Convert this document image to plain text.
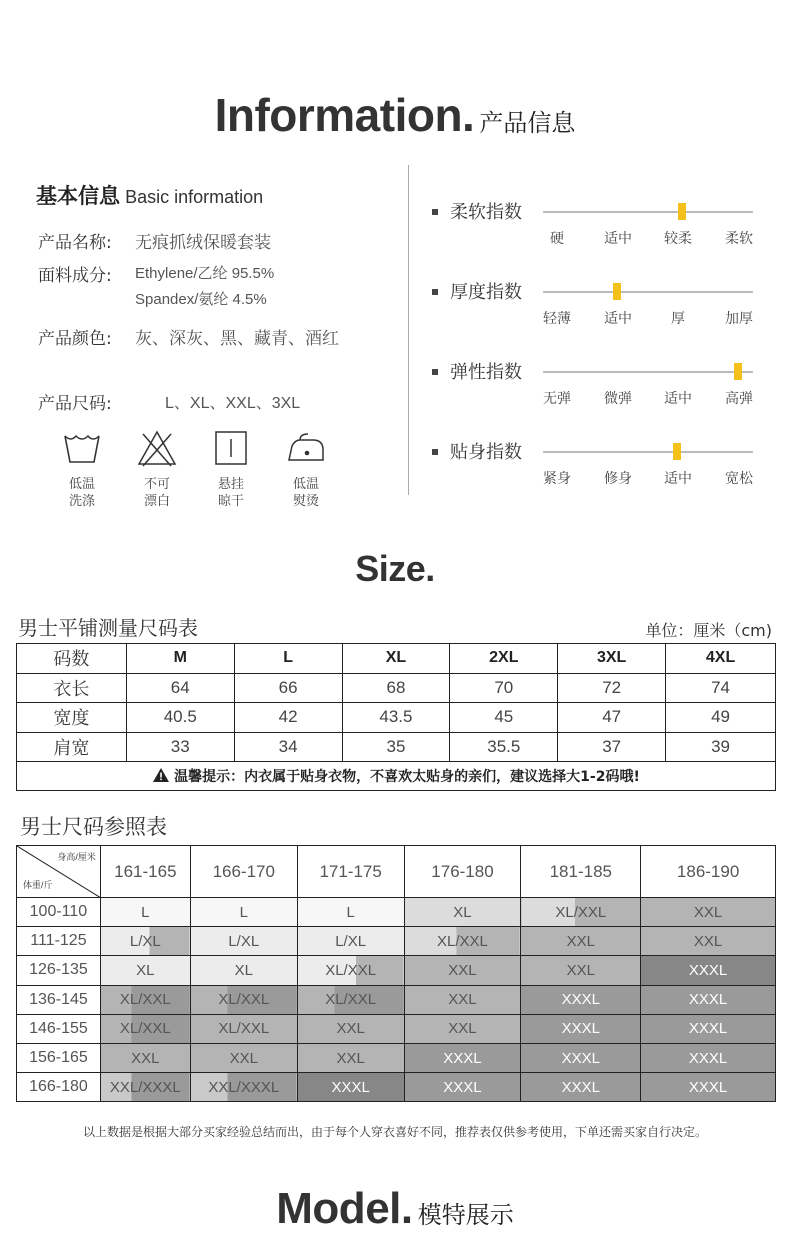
Information. 产品信息
基本信息 Basic information
产品名称: 无痕抓绒保暖套装
面料成分: Ethylene/乙纶 95.5%
Spandex/氨纶 4.5%
产品颜色: 灰、深灰、黑、藏青、酒红
产品尺码:	L、XL、XXL、3XL
低温
洗涤
不可
漂白
悬挂
晾干
低温
熨烫
柔软指数
硬	适中 较柔 柔软
厚度指数
轻薄 适中	厚	加厚
弹性指数
无弹 微弹 适中 高弹
贴身指数
紧身 修身 适中 宽松
Size.
男士平铺测量尺码表	单位：厘米（cm)
码数	M	L	XL	2XL	3XL	4XL
衣长	64	66	68	70	72	74
宽度	40.5	42	43.5	45	47	49
肩宽	33	34	35	35.5	37	39
温馨提示：内衣属于贴身衣物，不喜欢太贴身的亲们，建议选择大1-2码哦!						
男士尺码参照表
身高/厘米
体重/斤	161-165	166-170	171-175	176-180	181-185	186-190
100-110	L	L	L	XL	XL/XXL	XXL
111-125	L/XL	L/XL	L/XL	XL/XXL	XXL	XXL
126-135	XL	XL	XL/XXL	XXL	XXL	XXXL
136-145	XL/XXL	XL/XXL	XL/XXL	XXL	XXXL	XXXL
146-155	XL/XXL	XL/XXL	XXL	XXL	XXXL	XXXL
156-165	XXL	XXL	XXL	XXXL	XXXL	XXXL
166-180	XXL/XXXL	XXL/XXXL	XXXL	XXXL	XXXL	XXXL
以上数据是根据大部分买家经验总结而出，由于每个人穿衣喜好不同，推荐表仅供参考使用，下单还需买家自行决定。
Model. 模特展示
